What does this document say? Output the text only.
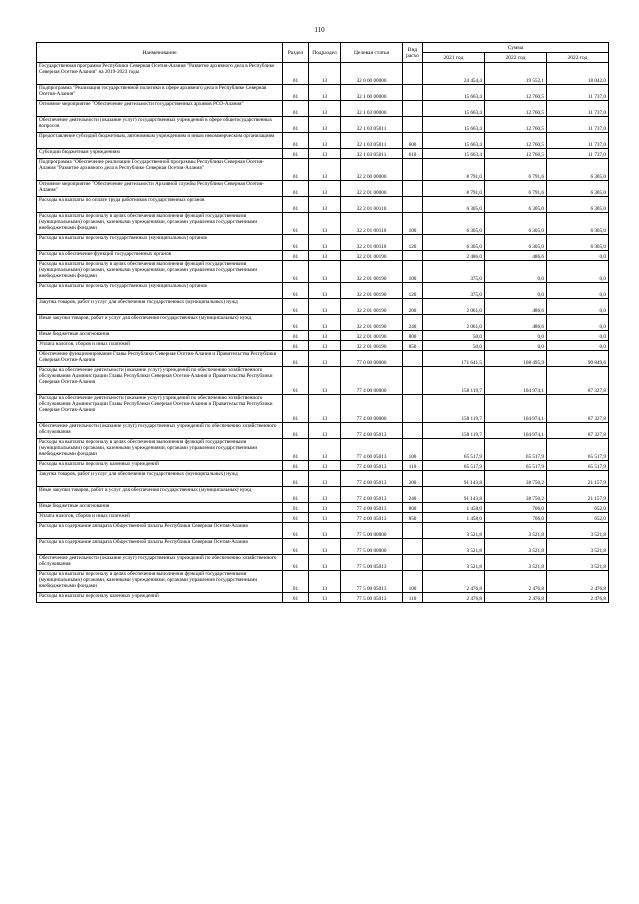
110
Наименование	Раздел	Подраздел	Целевая статья	Вид расхо	Сумма		
					2021 год	2022 год	2022 год
Государственная программа Республики Северная Осетия-Алания "Развитие архивного дела в Республике Северная Осетия-Алания" на 2019-2023 годы	01	13	32 0 00 00000		24 454,4	19 552,1	18 042,0
Подпрограмма "Реализация государственной политики в сфере архивного дела в Республике Северная Осетия-Алания"	01	13	32 1 00 00000		15 663,4	12 760,5	11 737,0
Основное мероприятие "Обеспечение деятельности государственных архивов РСО-Алания"	01	13	32 1 03 00000		15 663,4	12 760,5	11 737,0
Обеспечение деятельности (оказание услуг) государственных учреждений в сфере общегосударственных вопросов	01	13	32 1 03 05011		15 663,4	12 760,5	11 737,0
Предоставление субсидий бюджетным, автономным учреждениям и иным некоммерческим организациям	01	13	32 1 03 05011	600	15 663,4	12 760,5	11 737,0
Субсидии бюджетным учреждениям	01	13	32 1 03 05011	610	15 663,4	12 760,5	11 737,0
Подпрограмма "Обеспечение реализации Государственной программы Республики Северная Осетия-Алания "Развитие архивного дела в Республике Северная Осетия-Алания"	01	13	32 2 00 00000		8 791,0	6 791,6	6 305,0
Основное мероприятие "Обеспечение деятельности Архивной службы Республики Северная Осетия-Алания"	01	13	32 2 01 00000		8 791,0	6 791,6	6 305,0
Расходы на выплаты по оплате труда работников государственных органов	01	13	32 2 01 00110		6 305,0	6 305,0	6 305,0
Расходы на выплаты персоналу в целях обеспечения выполнения функций государственными (муниципальными) органами, казенными учреждениями, органами управления государственными внебюджетными фондами	01	13	32 2 01 00110	100	6 305,0	6 305,0	6 305,0
Расходы на выплаты персоналу государственных (муниципальных) органов	01	13	32 2 01 00110	120	6 305,0	6 305,0	6 305,0
Расходы на обеспечение функций государственных органов	01	13	32 2 01 00190		2 486,0	486,6	0,0
Расходы на выплаты персоналу в целях обеспечения выполнения функций государственными (муниципальными) органами, казенными учреждениями, органами управления государственными внебюджетными фондами	01	13	32 2 01 00190	100	375,0	0,0	0,0
Расходы на выплаты персоналу государственных (муниципальных) органов	01	13	32 2 01 00190	120	375,0	0,0	0,0
Закупка товаров, работ и услуг для обеспечения государственных (муниципальных) нужд	01	13	32 2 01 00190	200	2 061,0	486,6	0,0
Иные закупки товаров, работ и услуг для обеспечения государственных (муниципальных) нужд	01	13	32 2 01 00190	240	2 061,0	486,6	0,0
Иные бюджетные ассигнования	01	13	32 2 01 00190	800	50,0	0,0	0,0
Уплата налогов, сборов и иных платежей	01	13	32 2 01 00190	850	50,0	0,0	0,0
Обеспечение функционирования Главы Республики Северная Осетия-Алания и Правительства Республики Северная Осетия-Алания	01	13	77 0 00 00000		171 641,5	108 495,9	90 849,6
Расходы на обеспечение деятельности (оказание услуг) учреждений по обеспечению хозяйственного обслуживания Администрации Главы Республики Северная Осетия-Алания и Правительства Республики Северная Осетия-Алания	01	13	77 4 00 00000		158 119,7	104 974,1	87 327,8
Расходы на обеспечение деятельности (оказание услуг) учреждений по обеспечению хозяйственного обслуживания Администрации Главы Республики Северная Осетия-Алания и Правительства Республики Северная Осетия-Алания	01	13	77 4 00 00000		158 119,7	104 974,1	87 327,8
Обеспечение деятельности (оказание услуг) государственных учреждений по обеспечению хозяйственного обслуживания	01	13	77 4 00 05013		158 119,7	104 974,1	87 327,8
Расходы на выплаты персоналу в целях обеспечения выполнения функций государственными (муниципальными) органами, казенными учреждениями, органами управления государственными внебюджетными фондами	01	13	77 4 00 05013	100	65 517,9	65 517,9	65 517,9
Расходы на выплаты персоналу казенных учреждений	01	13	77 4 00 05013	110	65 517,9	65 517,9	65 517,9
Закупка товаров, работ и услуг для обеспечения государственных (муниципальных) нужд	01	13	77 4 00 05013	200	91 143,8	38 750,2	21 157,9
Иные закупки товаров, работ и услуг для обеспечения государственных (муниципальных) нужд	01	13	77 4 00 05013	240	91 143,8	38 750,2	21 157,9
Иные бюджетные ассигнования	01	13	77 4 00 05013	800	1 458,0	706,0	652,0
Уплата налогов, сборов и иных платежей	01	13	77 4 00 05013	850	1 458,0	706,0	652,0
Расходы на содержание аппарата Общественной палаты Республики Северная Осетия-Алания	01	13	77 5 00 00000		3 521,8	3 521,8	3 521,8
Расходы на содержание аппарата Общественной палаты Республики Северная Осетия-Алания	01	13	77 5 00 00000		3 521,8	3 521,8	3 521,8
Обеспечение деятельности (оказание услуг) государственных учреждений по обеспечению хозяйственного обслуживания	01	13	77 5 00 05013		3 521,8	3 521,8	3 521,8
Расходы на выплаты персоналу в целях обеспечения выполнения функций государственными (муниципальными) органами, казенными учреждениями, органами управления государственными внебюджетными фондами	01	13	77 5 00 05013	100	2 476,8	2 476,8	2 476,8
Расходы на выплаты персоналу казенных учреждений	01	13	77 5 00 05013	110	2 476,8	2 476,8	2 476,8
